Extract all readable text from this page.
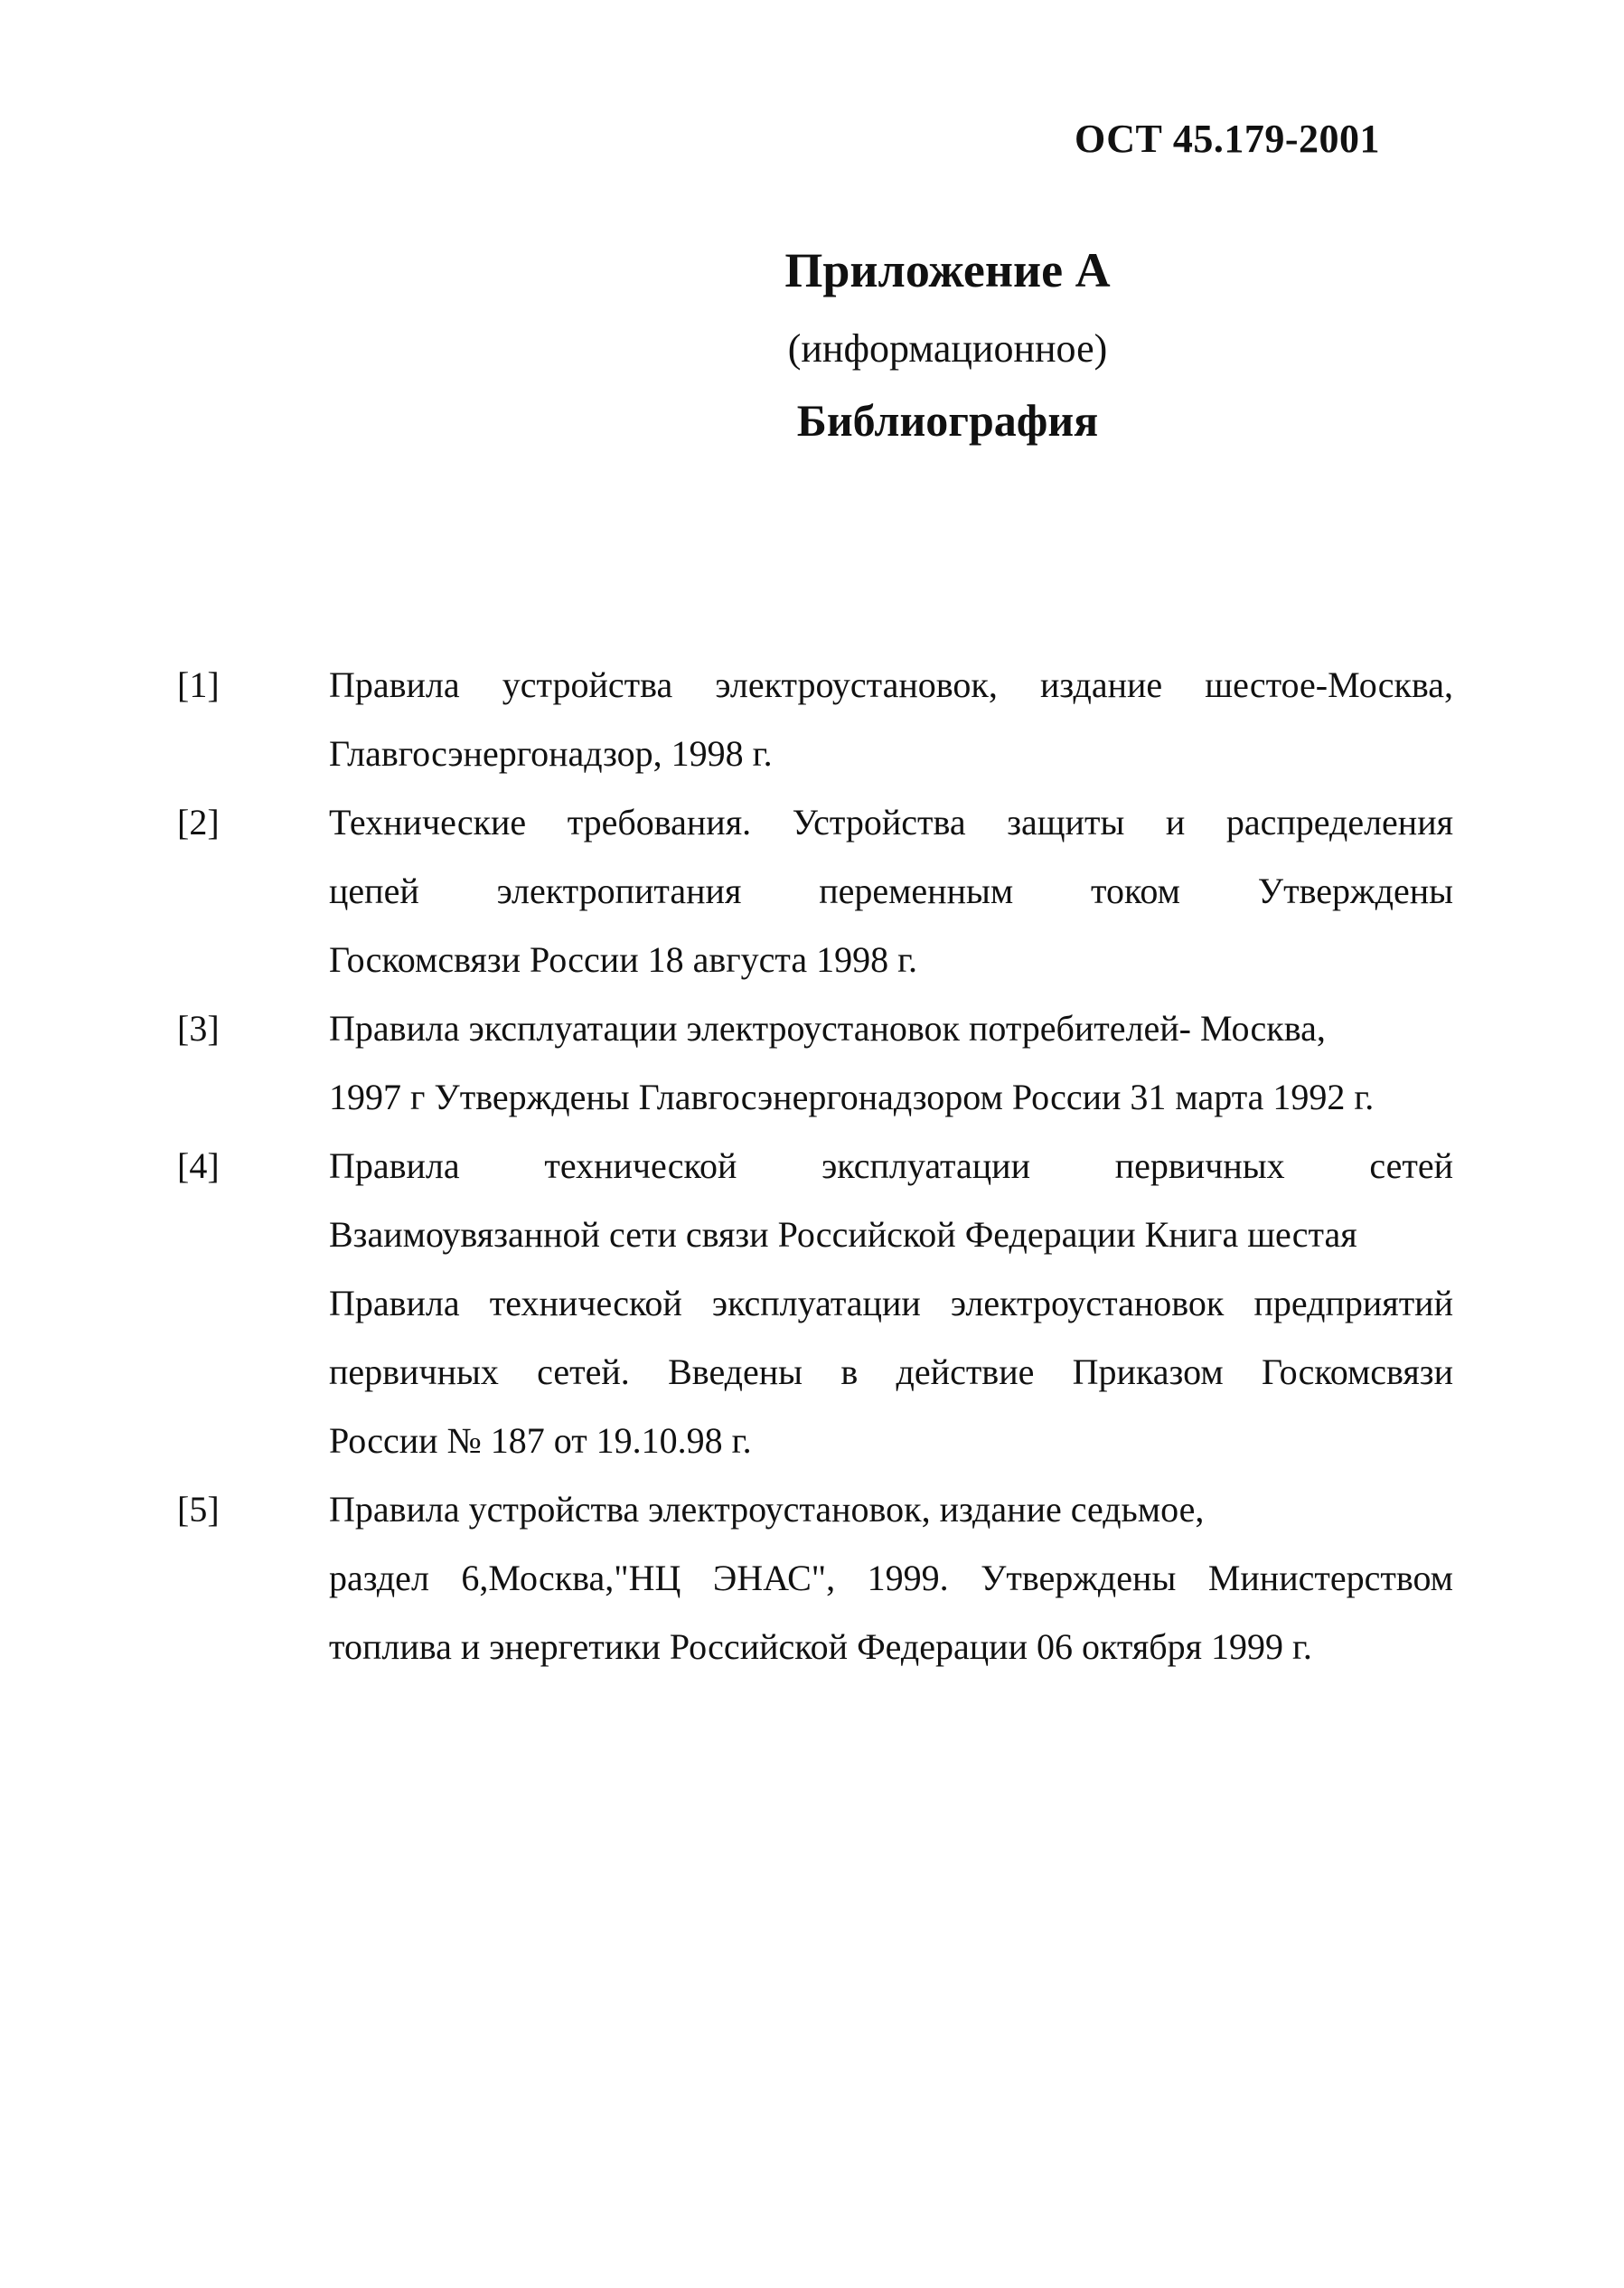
ОСТ 45.179-2001
Приложение А
(информационное)
Библиография
[1]	Правила устройства электроустановок, издание шестое-Москва,
Главгосэнергонадзор, 1998 г.
[2]	Технические требования. Устройства защиты и распределения
цепей электропитания переменным током Утверждены
Госкомсвязи России 18 августа 1998 г.
[3]	Правила эксплуатации электроустановок потребителей- Москва,
1997 г Утверждены Главгосэнергонадзором России 31 марта 1992 г.
[4]	Правила технической эксплуатации первичных сетей
Взаимоувязанной сети связи Российской Федерации Книга шестая
Правила технической эксплуатации электроустановок предприятий
первичных сетей. Введены в действие Приказом Госкомсвязи
России № 187 от 19.10.98 г.
[5]	Правила устройства электроустановок, издание седьмое,
раздел 6,Москва,"НЦ ЭНАС", 1999. Утверждены Министерством
топлива и энергетики Российской Федерации 06 октября 1999 г.
